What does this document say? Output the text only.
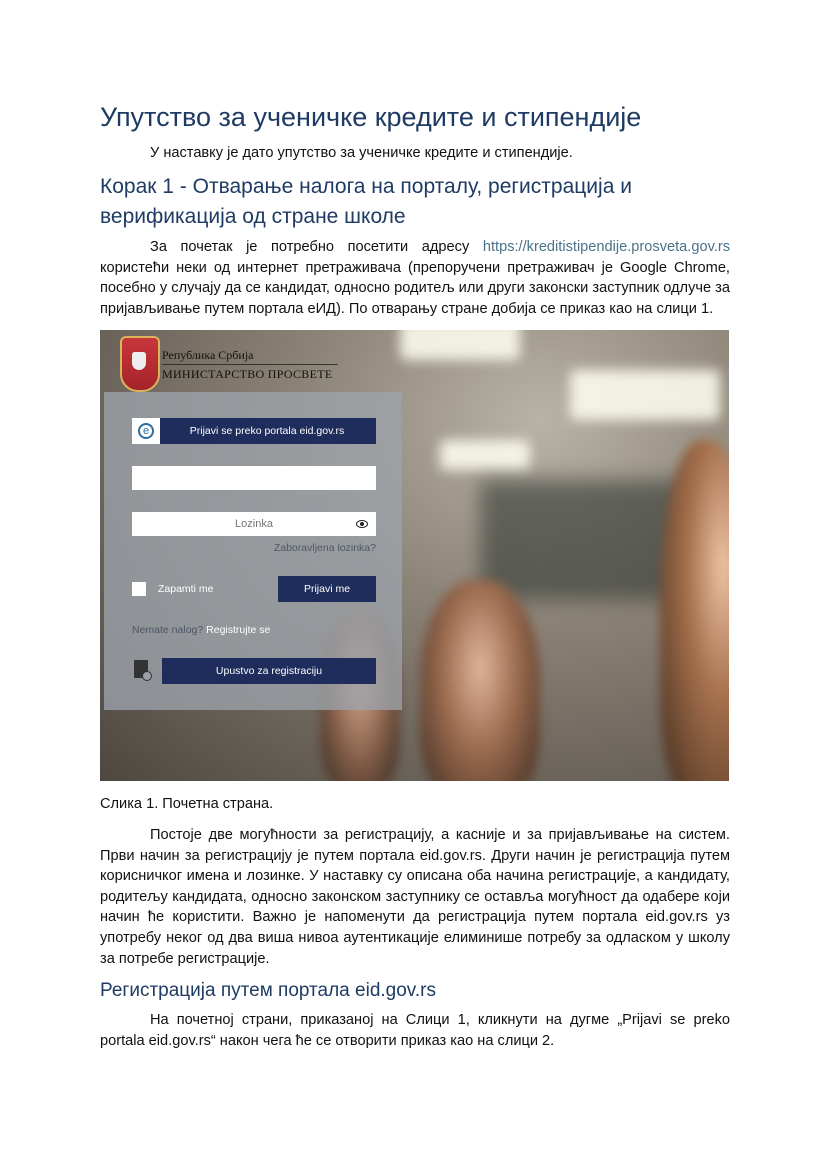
Упутство за ученичке кредите и стипендије

У наставку је дато упутство за ученичке кредите и стипендије.

Корак 1 - Отварање налога на порталу, регистрација и верификација од стране школе

За почетак је потребно посетити адресу https://kreditistipendije.prosveta.gov.rs користећи неки од интернет претраживача (препоручени претраживач је Google Chrome, посебно у случају да се кандидат, односно родитељ или други законски заступник одлуче за пријављивање путем портала еИД). По отварању стране добија се приказ као на слици 1.

Република Србија
МИНИСТАРСТВО ПРОСВЕТЕ
e	Prijavi se preko portala eid.gov.rs
Lozinka
Zaboravljena lozinka?
Zapamti me	Prijavi me
Nemate nalog? Registrujte se
Upustvo za registraciju

Слика 1. Почетна страна.

Постоје две могућности за регистрацију, а касније и за пријављивање на систем. Први начин за регистрацију је путем портала eid.gov.rs. Други начин је регистрација путем корисничког имена и лозинке. У наставку су описана оба начина регистрације, а кандидату, родитељу кандидата, односно законском заступнику се оставља могућност да одабере који начин ће користити. Важно је напоменути да регистрација путем портала eid.gov.rs уз употребу неког од два виша нивоа аутентикације елиминише потребу за одласком у школу за потребе регистрације.

Регистрација путем портала eid.gov.rs

На почетној страни, приказаној на Слици 1, кликнути на дугме „Prijavi se preko portala eid.gov.rs“ након чега ће се отворити приказ као на слици 2.
